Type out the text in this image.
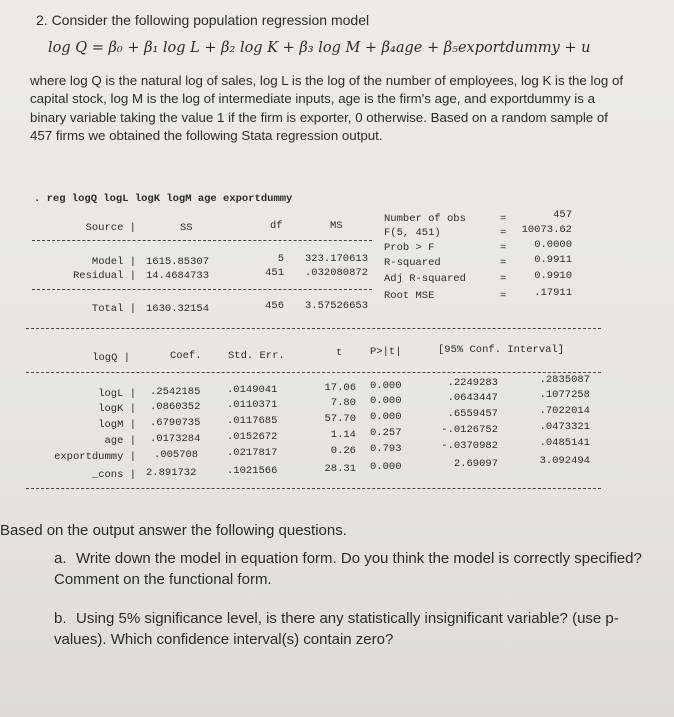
2. Consider the following population regression model
log Q = β₀ + β₁ log L + β₂ log K + β₃ log M + β₄age + β₅exportdummy + u
where log Q is the natural log of sales, log L is the log of the number of employees, log K is the log of capital stock, log M is the log of intermediate inputs, age is the firm's age, and exportdummy is a binary variable taking the value 1 if the firm is exporter, 0 otherwise. Based on a random sample of 457 firms we obtained the following Stata regression output.
. reg logQ logL logK logM age exportdummy
Source |	SS	df	MS
Model | 1615.85307	5	323.170613
Residual | 14.4684733	451	.032080872
Total | 1630.32154	456	3.57526653
Number of obs	=	457
F(5, 451)	=	10073.62
Prob > F	=	0.0000
R-squared	=	0.9911
Adj R-squared	=	0.9910
Root MSE	=	.17911
logQ |	Coef.	Std. Err.	t	P>|t|	[95% Conf. Interval]
logL | .2542185	.0149041	17.06 0.000	.2249283	.2835087
logK | .0860352	.0110371	7.80 0.000	.0643447	.1077258
logM | .6790735	.0117685	57.70 0.000	.6559457	.7022014
age | .0173284	.0152672	1.14 0.257	-.0126752	.0473321
exportdummy | .005708	.0217817	0.26 0.793	-.0370982	.0485141
_cons | 2.891732	.1021566	28.31 0.000	2.69097	3.092494
Based on the output answer the following questions.
a. Write down the model in equation form. Do you think the model is correctly specified? Comment on the functional form.
b. Using 5% significance level, is there any statistically insignificant variable? (use p-values). Which confidence interval(s) contain zero?
